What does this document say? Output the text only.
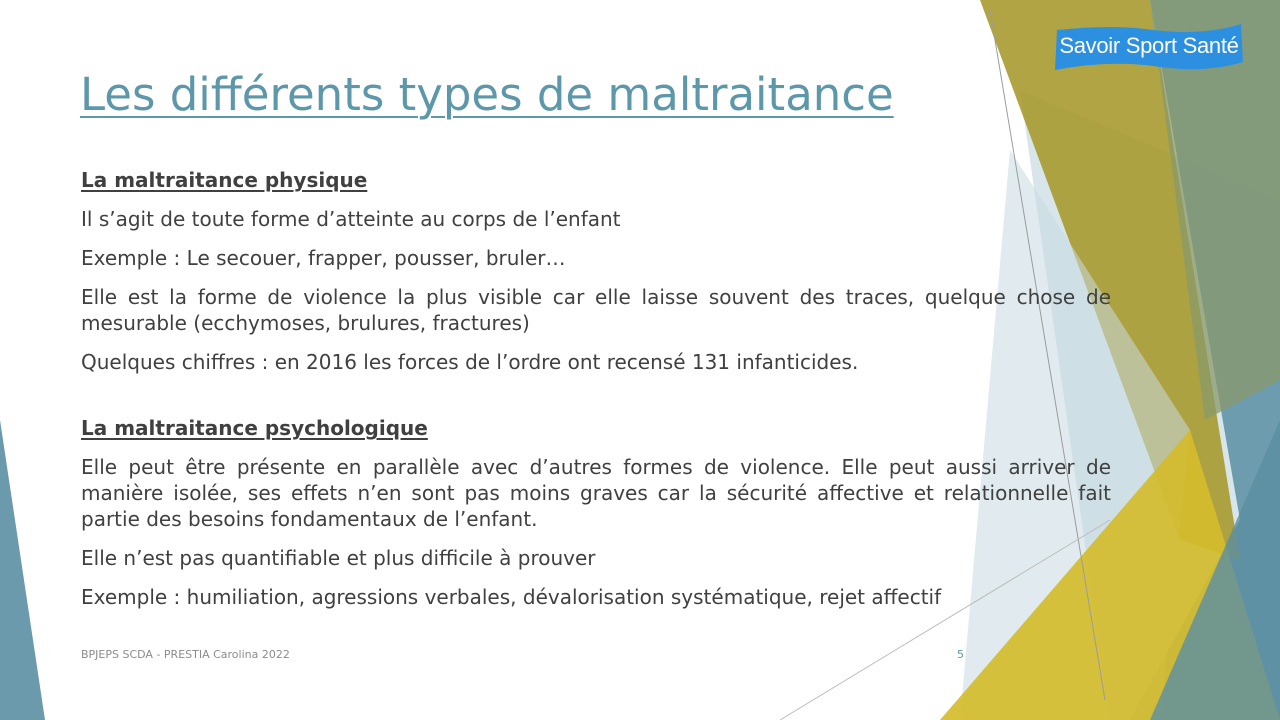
Savoir Sport Santé
Les différents types de maltraitance

La maltraitance physique

Il s’agit de toute forme d’atteinte au corps de l’enfant

Exemple : Le secouer, frapper, pousser, bruler…

Elle est la forme de violence la plus visible car elle laisse souvent des traces, quelque chose de mesurable (ecchymoses, brulures, fractures)

Quelques chiffres : en 2016 les forces de l’ordre ont recensé 131 infanticides.

La maltraitance psychologique

Elle peut être présente en parallèle avec d’autres formes de violence. Elle peut aussi arriver de manière isolée, ses effets n’en sont pas moins graves car la sécurité affective et relationnelle fait partie des besoins fondamentaux de l’enfant.

Elle n’est pas quantifiable et plus difficile à prouver

Exemple : humiliation, agressions verbales, dévalorisation systématique, rejet affectif

BPJEPS SCDA - PRESTIA Carolina 2022	5
